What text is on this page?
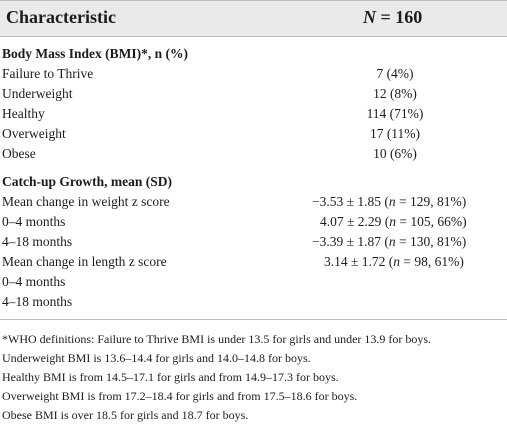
Characteristic	N = 160
Body Mass Index (BMI)*, n (%)
Failure to Thrive	7 (4%)
Underweight	12 (8%)
Healthy	114 (71%)
Overweight	17 (11%)
Obese	10 (6%)
Catch-up Growth, mean (SD)
Mean change in weight z score	−3.53 ± 1.85 (n = 129, 81%)
0–4 months	4.07 ± 2.29 (n = 105, 66%)
4–18 months	−3.39 ± 1.87 (n = 130, 81%)
Mean change in length z score	3.14 ± 1.72 (n = 98, 61%)
0–4 months
4–18 months
*WHO definitions: Failure to Thrive BMI is under 13.5 for girls and under 13.9 for boys.
Underweight BMI is 13.6–14.4 for girls and 14.0–14.8 for boys.
Healthy BMI is from 14.5–17.1 for girls and from 14.9–17.3 for boys.
Overweight BMI is from 17.2–18.4 for girls and from 17.5–18.6 for boys.
Obese BMI is over 18.5 for girls and 18.7 for boys.
